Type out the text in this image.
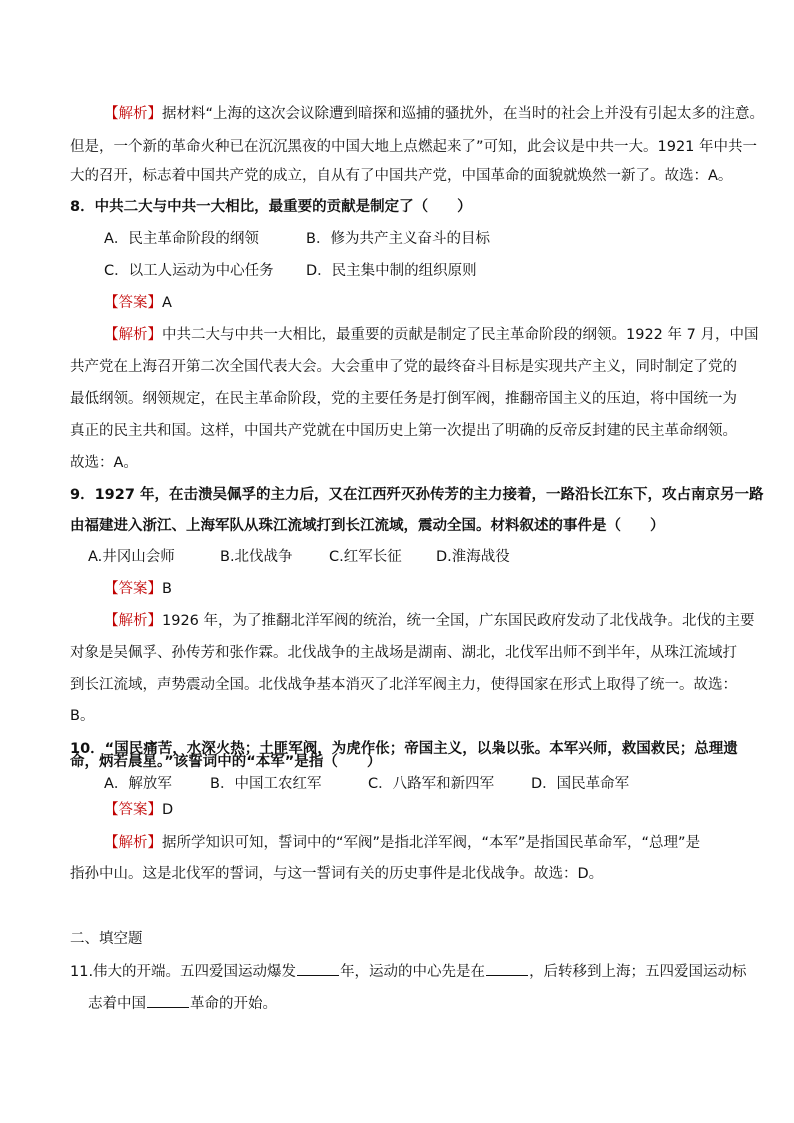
【解析】据材料“上海的这次会议除遭到暗探和巡捕的骚扰外，在当时的社会上并没有引起太多的注意。
但是，一个新的革命火种已在沉沉黑夜的中国大地上点燃起来了”可知，此会议是中共一大。1921 年中共一
大的召开，标志着中国共产党的成立，自从有了中国共产党，中国革命的面貌就焕然一新了。故选：A。
8．中共二大与中共一大相比，最重要的贡献是制定了（　　）
A．民主革命阶段的纲领	B．修为共产主义奋斗的目标
C．以工人运动为中心任务 D．民主集中制的组织原则
【答案】A
【解析】中共二大与中共一大相比，最重要的贡献是制定了民主革命阶段的纲领。1922 年 7 月，中国
共产党在上海召开第二次全国代表大会。大会重申了党的最终奋斗目标是实现共产主义，同时制定了党的
最低纲领。纲领规定，在民主革命阶段，党的主要任务是打倒军阀，推翻帝国主义的压迫，将中国统一为
真正的民主共和国。这样，中国共产党就在中国历史上第一次提出了明确的反帝反封建的民主革命纲领。
故选：A。
9．1927 年，在击溃吴佩孚的主力后，又在江西歼灭孙传芳的主力接着，一路沿长江东下，攻占南京另一路
由福建进入浙江、上海军队从珠江流域打到长江流域，震动全国。材料叙述的事件是（　　）
A.井冈山会师	B.北伐战争	C.红军长征 D.淮海战役
【答案】B
【解析】1926 年，为了推翻北洋军阀的统治，统一全国，广东国民政府发动了北伐战争。北伐的主要
对象是吴佩孚、孙传芳和张作霖。北伐战争的主战场是湖南、湖北，北伐军出师不到半年，从珠江流域打
到长江流域，声势震动全国。北伐战争基本消灭了北洋军阀主力，使得国家在形式上取得了统一。故选：
B。
10．“国民痛苦，水深火热；土匪军阀，为虎作伥；帝国主义，以枭以张。本军兴师，救国救民；总理遗
命，炳若晨星。”该誓词中的“本军”是指（　　）
A．解放军	B．中国工农红军	C．八路军和新四军	D．国民革命军
【答案】D
【解析】据所学知识可知，誓词中的“军阀”是指北洋军阀，“本军”是指国民革命军，“总理”是
指孙中山。这是北伐军的誓词，与这一誓词有关的历史事件是北伐战争。故选：D。
二、填空题
11.伟大的开端。五四爱国运动爆发	年，运动的中心先是在	，后转移到上海；五四爱国运动标
志着中国	革命的开始。
